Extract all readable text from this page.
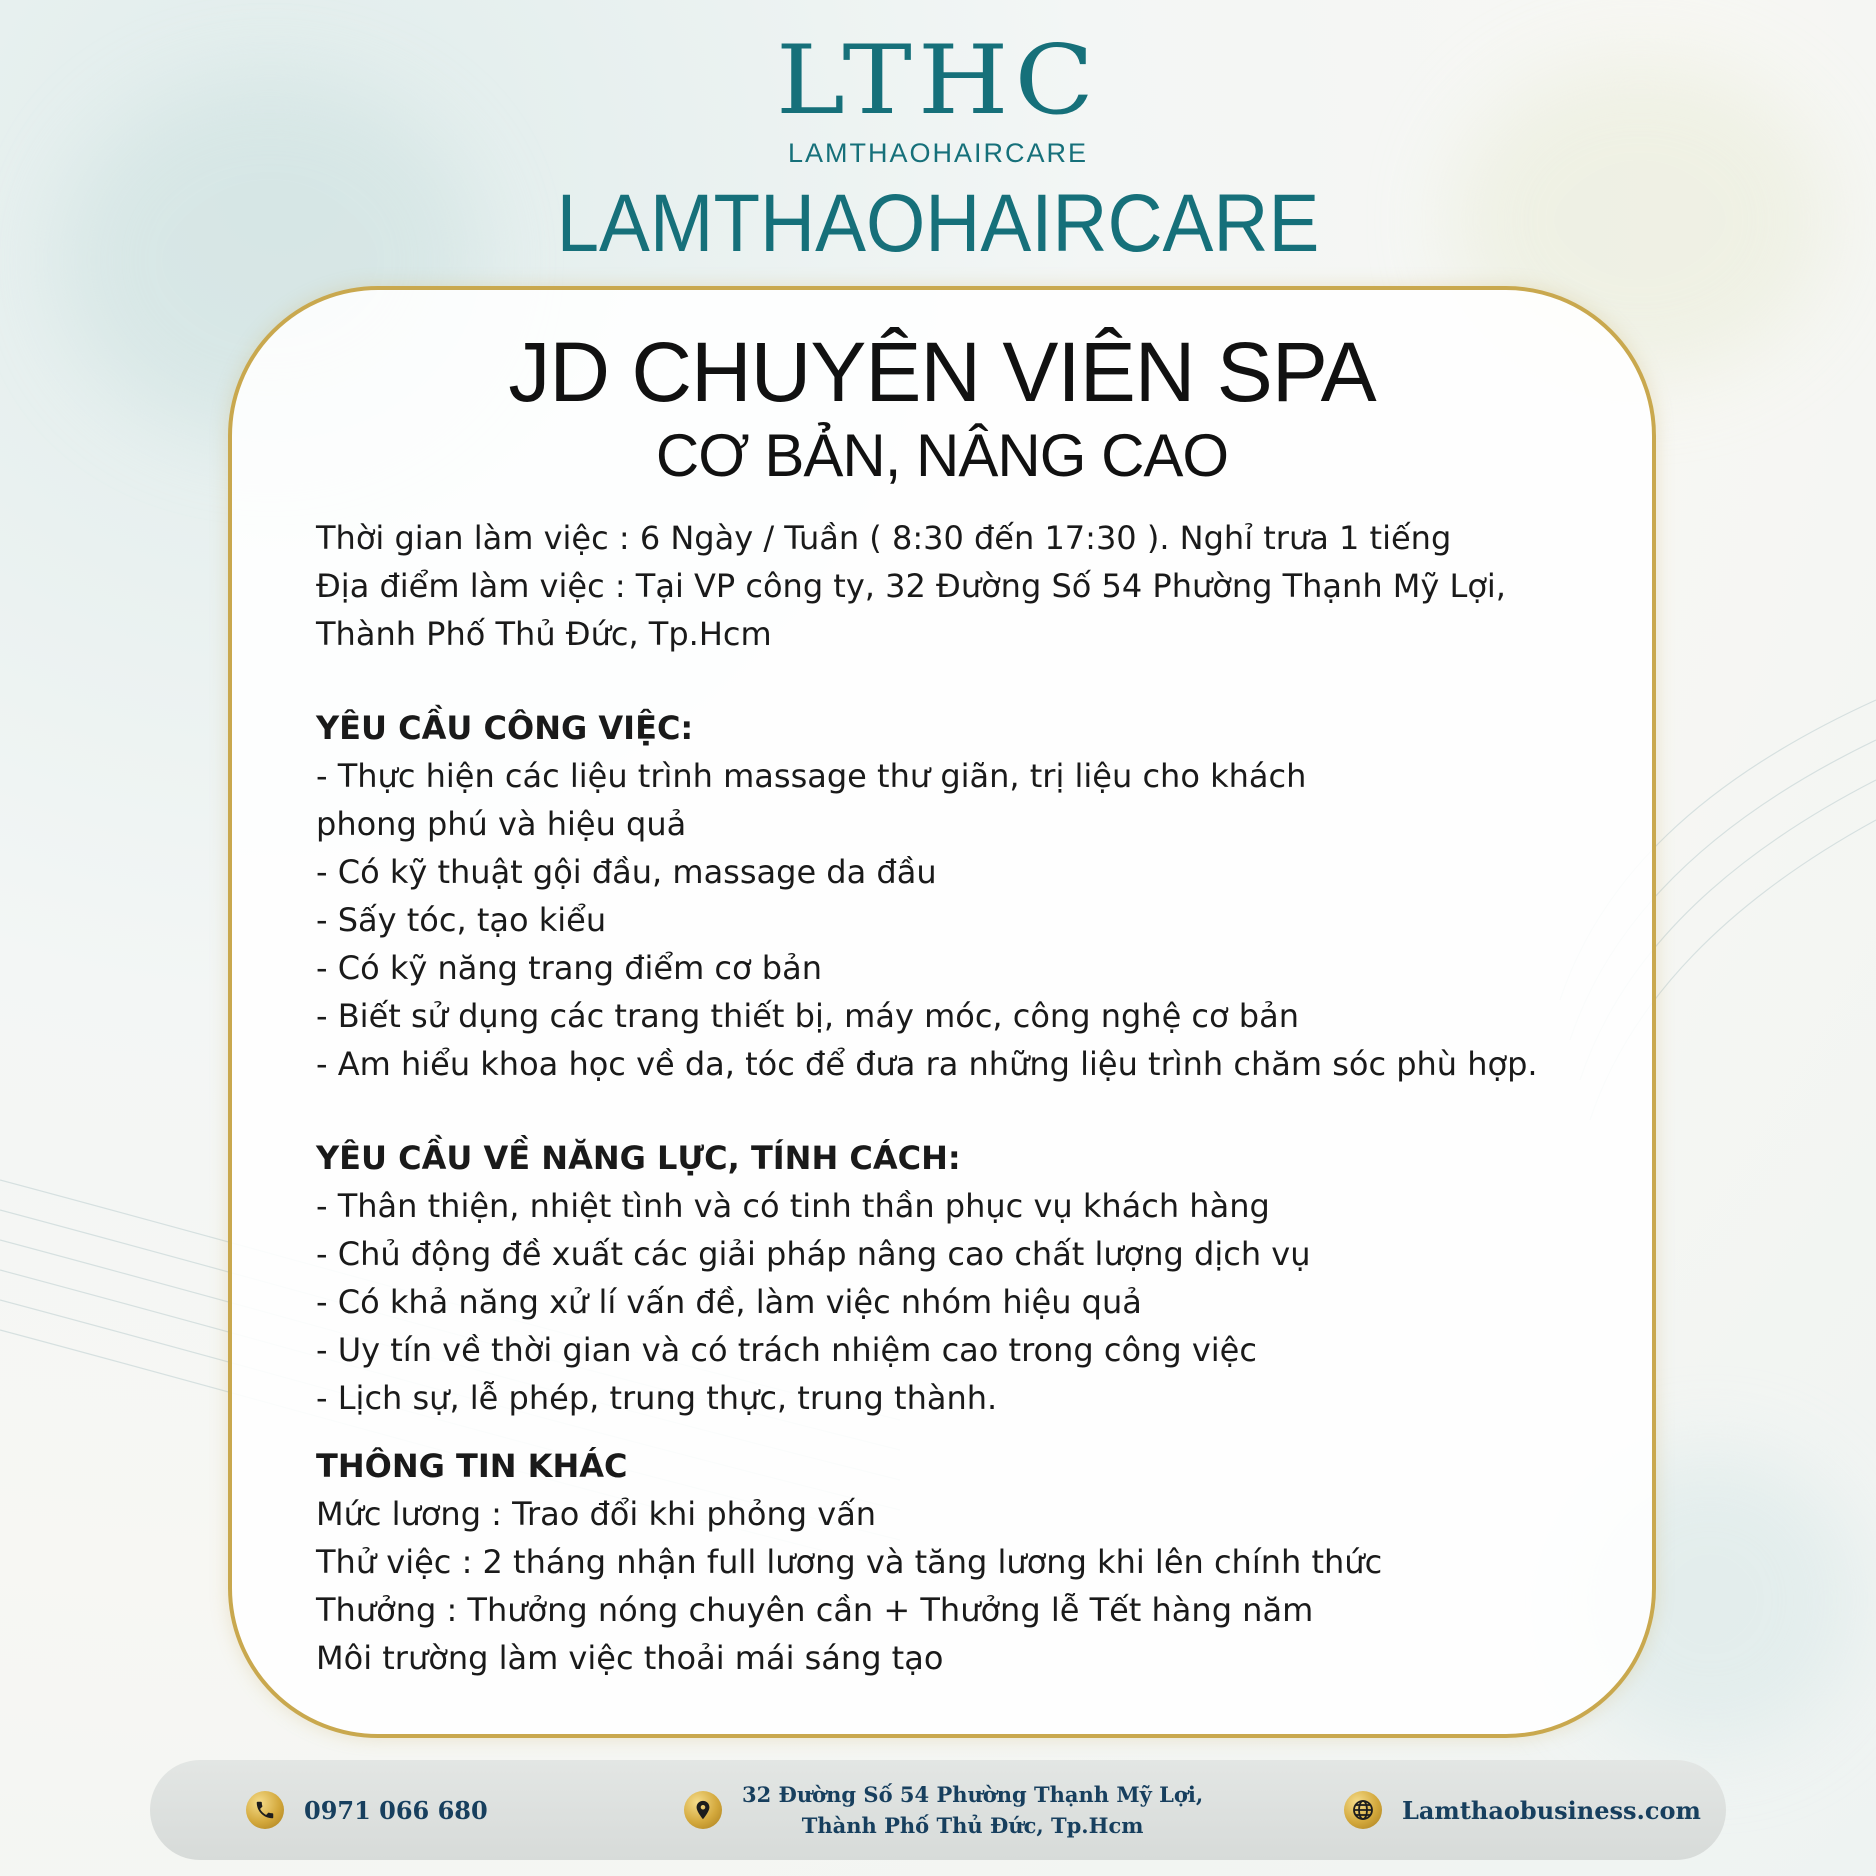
LTHC
LAMTHAOHAIRCARE
LAMTHAOHAIRCARE
JD CHUYÊN VIÊN SPA
CƠ BẢN, NÂNG CAO
Thời gian làm việc : 6 Ngày / Tuần ( 8:30 đến 17:30 ). Nghỉ trưa 1 tiếng
Địa điểm làm việc : Tại VP công ty, 32 Đường Số 54 Phường Thạnh Mỹ Lợi,
Thành Phố Thủ Đức, Tp.Hcm
YÊU CẦU CÔNG VIỆC:
- Thực hiện các liệu trình massage thư giãn, trị liệu cho khách
phong phú và hiệu quả
- Có kỹ thuật gội đầu, massage da đầu
- Sấy tóc, tạo kiểu
- Có kỹ năng trang điểm cơ bản
- Biết sử dụng các trang thiết bị, máy móc, công nghệ cơ bản
- Am hiểu khoa học về da, tóc để đưa ra những liệu trình chăm sóc phù hợp.
YÊU CẦU VỀ NĂNG LỰC, TÍNH CÁCH:
- Thân thiện, nhiệt tình và có tinh thần phục vụ khách hàng
- Chủ động đề xuất các giải pháp nâng cao chất lượng dịch vụ
- Có khả năng xử lí vấn đề, làm việc nhóm hiệu quả
- Uy tín về thời gian và có trách nhiệm cao trong công việc
- Lịch sự, lễ phép, trung thực, trung thành.
THÔNG TIN KHÁC
Mức lương : Trao đổi khi phỏng vấn
Thử việc : 2 tháng nhận full lương và tăng lương khi lên chính thức
Thưởng : Thưởng nóng chuyên cần + Thưởng lễ Tết hàng năm
Môi trường làm việc thoải mái sáng tạo
0971 066 680
32 Đường Số 54 Phường Thạnh Mỹ Lợi,
Thành Phố Thủ Đức, Tp.Hcm
Lamthaobusiness.com
